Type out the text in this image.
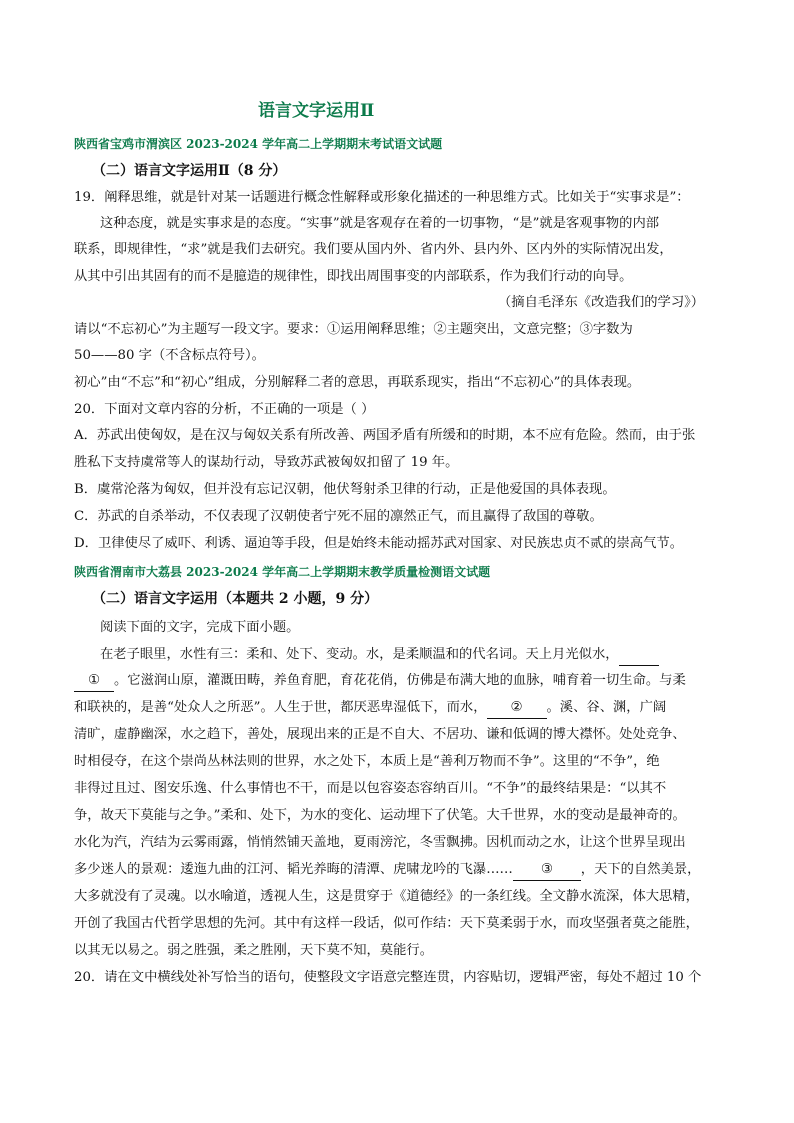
语言文字运用Ⅱ
陕西省宝鸡市渭滨区 2023-2024 学年高二上学期期末考试语文试题
（二）语言文字运用Ⅱ（8 分）
19．阐释思维，就是针对某一话题进行概念性解释或形象化描述的一种思维方式。比如关于“实事求是”：
这种态度，就是实事求是的态度。“实事”就是客观存在着的一切事物，“是”就是客观事物的内部
联系，即规律性，“求”就是我们去研究。我们要从国内外、省内外、县内外、区内外的实际情况出发，
从其中引出其固有的而不是臆造的规律性，即找出周围事变的内部联系，作为我们行动的向导。
（摘自毛泽东《改造我们的学习》）
请以“不忘初心”为主题写一段文字。要求：①运用阐释思维；②主题突出，文意完整；③字数为
50——80 字（不含标点符号）。
初心”由“不忘”和“初心”组成，分别解释二者的意思，再联系现实，指出“不忘初心”的具体表现。
20．下面对文章内容的分析，不正确的一项是（ ）
A．苏武出使匈奴，是在汉与匈奴关系有所改善、两国矛盾有所缓和的时期，本不应有危险。然而，由于张
胜私下支持虞常等人的谋劫行动，导致苏武被匈奴扣留了 19 年。
B．虞常沦落为匈奴，但并没有忘记汉朝，他伏弩射杀卫律的行动，正是他爱国的具体表现。
C．苏武的自杀举动，不仅表现了汉朝使者宁死不屈的凛然正气，而且赢得了敌国的尊敬。
D．卫律使尽了威吓、利诱、逼迫等手段，但是始终未能动摇苏武对国家、对民族忠贞不贰的崇高气节。
陕西省渭南市大荔县 2023-2024 学年高二上学期期末教学质量检测语文试题
（二）语言文字运用（本题共 2 小题，9 分）
阅读下面的文字，完成下面小题。
在老子眼里，水性有三：柔和、处下、变动。水，是柔顺温和的代名词。天上月光似水，
① 。它滋润山原，灌溉田畴，养鱼育肥，育花花俏，仿佛是布满大地的血脉，哺育着一切生命。与柔
和联袂的，是善“处众人之所恶”。人生于世，都厌恶卑湿低下，而水， ② 。溪、谷、渊，广阔
清旷，虚静幽深，水之趋下，善处，展现出来的正是不自大、不居功、谦和低调的博大襟怀。处处竞争、
时相侵夺，在这个崇尚丛林法则的世界，水之处下，本质上是“善利万物而不争”。这里的“不争”，绝
非得过且过、图安乐逸、什么事情也不干，而是以包容姿态容纳百川。“不争”的最终结果是：“以其不
争，故天下莫能与之争。”柔和、处下，为水的变化、运动埋下了伏笔。大千世界，水的变动是最神奇的。
水化为汽，汽结为云雾雨露，悄悄然铺天盖地，夏雨滂沱，冬雪飘拂。因机而动之水，让这个世界呈现出
多少迷人的景观：逶迤九曲的江河、韬光养晦的清潭、虎啸龙吟的飞瀑…… ③ ，天下的自然美景，
大多就没有了灵魂。以水喻道，透视人生，这是贯穿于《道德经》的一条红线。全文静水流深，体大思精，
开创了我国古代哲学思想的先河。其中有这样一段话，似可作结：天下莫柔弱于水，而攻坚强者莫之能胜，
以其无以易之。弱之胜强，柔之胜刚，天下莫不知，莫能行。
20．请在文中横线处补写恰当的语句，使整段文字语意完整连贯，内容贴切，逻辑严密，每处不超过 10 个
